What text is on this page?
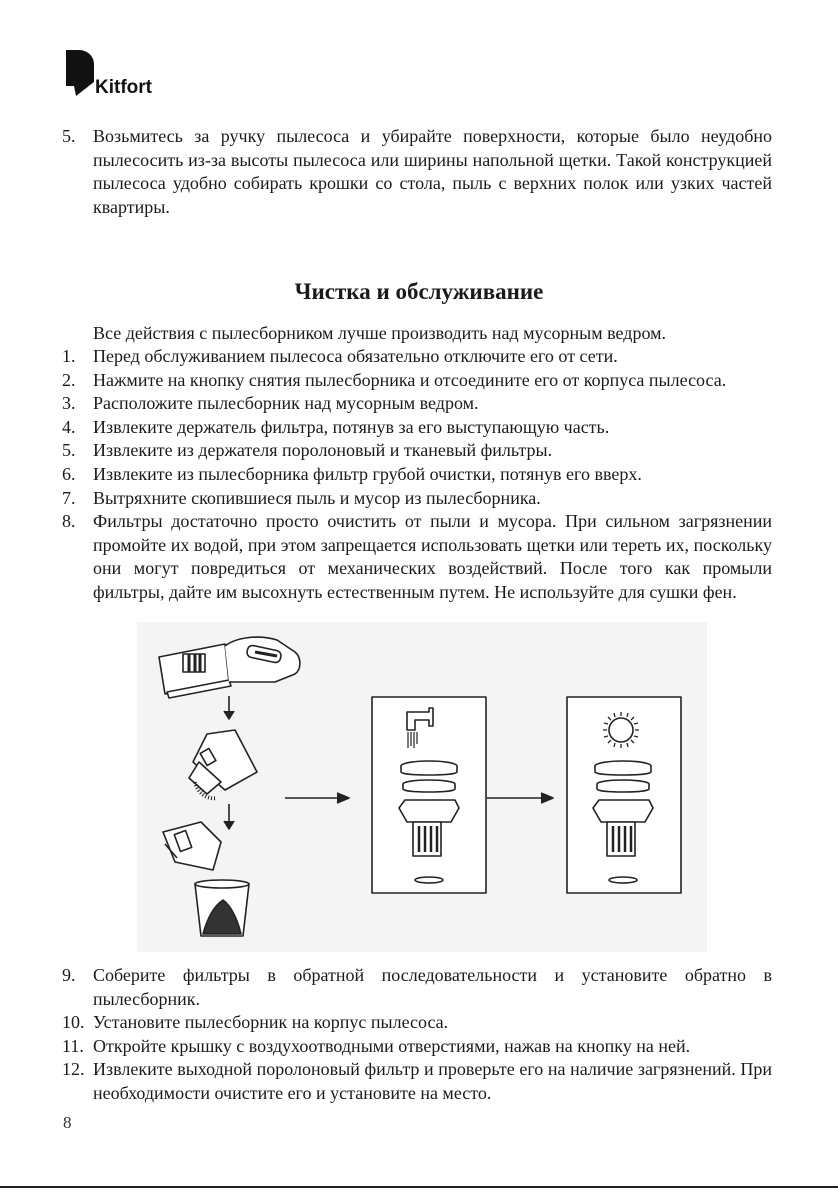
Kitfort
5. Возьмитесь за ручку пылесоса и убирайте поверхности, которые было неудобно пылесосить из-за высоты пылесоса или ширины напольной щетки. Такой конструкцией пылесоса удобно собирать крошки со стола, пыль с верхних полок или узких частей квартиры.
Чистка и обслуживание
Все действия с пылесборником лучше производить над мусорным ведром.
1. Перед обслуживанием пылесоса обязательно отключите его от сети.
2. Нажмите на кнопку снятия пылесборника и отсоедините его от корпуса пылесоса.
3. Расположите пылесборник над мусорным ведром.
4. Извлеките держатель фильтра, потянув за его выступающую часть.
5. Извлеките из держателя поролоновый и тканевый фильтры.
6. Извлеките из пылесборника фильтр грубой очистки, потянув его вверх.
7. Вытряхните скопившиеся пыль и мусор из пылесборника.
8. Фильтры достаточно просто очистить от пыли и мусора. При сильном загрязнении промойте их водой, при этом запрещается использовать щетки или тереть их, поскольку они могут повредиться от механических воздействий. После того как промыли фильтры, дайте им высохнуть естественным путем. Не используйте для сушки фен.
9. Соберите фильтры в обратной последовательности и установите обратно в пылесборник.
10. Установите пылесборник на корпус пылесоса.
11. Откройте крышку с воздухоотводными отверстиями, нажав на кнопку на ней.
12. Извлеките выходной поролоновый фильтр и проверьте его на наличие загрязнений. При необходимости очистите его и установите на место.
8
